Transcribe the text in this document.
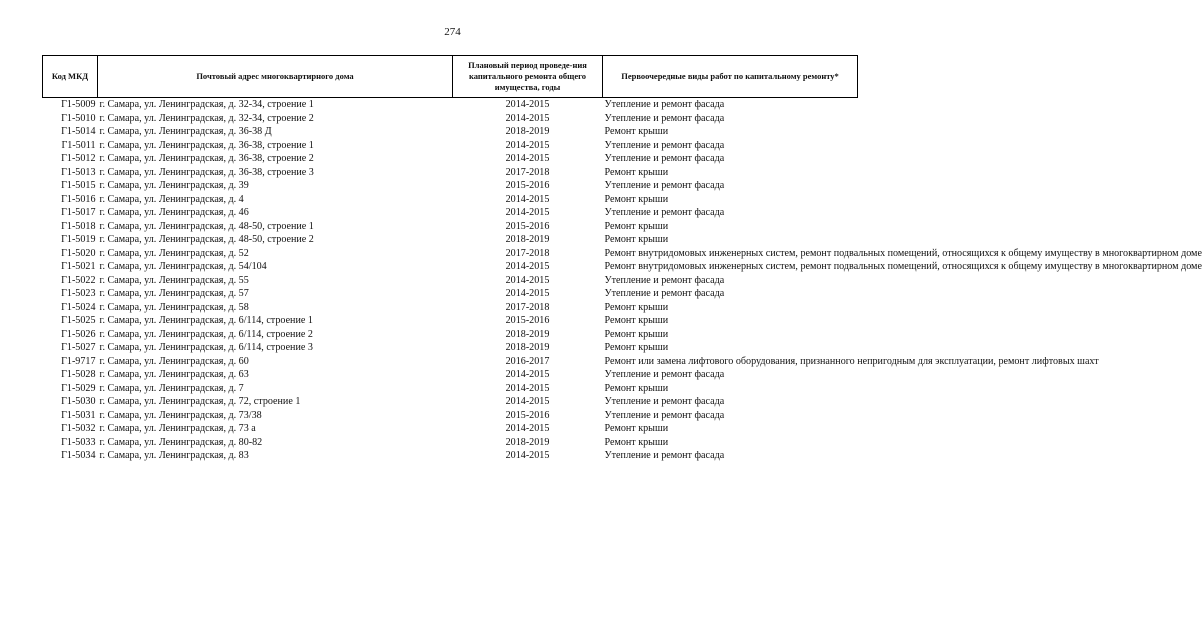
274
Код МКД	Почтовый адрес многоквартирного дома	Плановый период проведе-ния капитального ремонта общего имущества, годы	Первоочередные виды работ по капитальному ремонту*
Г1-5009	г. Самара, ул. Ленинградская, д. 32-34, строение 1	2014-2015	Утепление и ремонт фасада
Г1-5010	г. Самара, ул. Ленинградская, д. 32-34, строение 2	2014-2015	Утепление и ремонт фасада
Г1-5014	г. Самара, ул. Ленинградская, д. 36-38 Д	2018-2019	Ремонт крыши
Г1-5011	г. Самара, ул. Ленинградская, д. 36-38, строение 1	2014-2015	Утепление и ремонт фасада
Г1-5012	г. Самара, ул. Ленинградская, д. 36-38, строение 2	2014-2015	Утепление и ремонт фасада
Г1-5013	г. Самара, ул. Ленинградская, д. 36-38, строение 3	2017-2018	Ремонт крыши
Г1-5015	г. Самара, ул. Ленинградская, д. 39	2015-2016	Утепление и ремонт фасада
Г1-5016	г. Самара, ул. Ленинградская, д. 4	2014-2015	Ремонт крыши
Г1-5017	г. Самара, ул. Ленинградская, д. 46	2014-2015	Утепление и ремонт фасада
Г1-5018	г. Самара, ул. Ленинградская, д. 48-50, строение 1	2015-2016	Ремонт крыши
Г1-5019	г. Самара, ул. Ленинградская, д. 48-50, строение 2	2018-2019	Ремонт крыши
Г1-5020	г. Самара, ул. Ленинградская, д. 52	2017-2018	Ремонт внутридомовых инженерных систем, ремонт подвальных помещений, относящихся к общему имуществу в многоквартирном доме
Г1-5021	г. Самара, ул. Ленинградская, д. 54/104	2014-2015	Ремонт внутридомовых инженерных систем, ремонт подвальных помещений, относящихся к общему имуществу в многоквартирном доме
Г1-5022	г. Самара, ул. Ленинградская, д. 55	2014-2015	Утепление и ремонт фасада
Г1-5023	г. Самара, ул. Ленинградская, д. 57	2014-2015	Утепление и ремонт фасада
Г1-5024	г. Самара, ул. Ленинградская, д. 58	2017-2018	Ремонт крыши
Г1-5025	г. Самара, ул. Ленинградская, д. 6/114, строение 1	2015-2016	Ремонт крыши
Г1-5026	г. Самара, ул. Ленинградская, д. 6/114, строение 2	2018-2019	Ремонт крыши
Г1-5027	г. Самара, ул. Ленинградская, д. 6/114, строение 3	2018-2019	Ремонт крыши
Г1-9717	г. Самара, ул. Ленинградская, д. 60	2016-2017	Ремонт или замена лифтового оборудования, признанного непригодным для эксплуатации, ремонт лифтовых шахт
Г1-5028	г. Самара, ул. Ленинградская, д. 63	2014-2015	Утепление и ремонт фасада
Г1-5029	г. Самара, ул. Ленинградская, д. 7	2014-2015	Ремонт крыши
Г1-5030	г. Самара, ул. Ленинградская, д. 72, строение 1	2014-2015	Утепление и ремонт фасада
Г1-5031	г. Самара, ул. Ленинградская, д. 73/38	2015-2016	Утепление и ремонт фасада
Г1-5032	г. Самара, ул. Ленинградская, д. 73 а	2014-2015	Ремонт крыши
Г1-5033	г. Самара, ул. Ленинградская, д. 80-82	2018-2019	Ремонт крыши
Г1-5034	г. Самара, ул. Ленинградская, д. 83	2014-2015	Утепление и ремонт фасада
